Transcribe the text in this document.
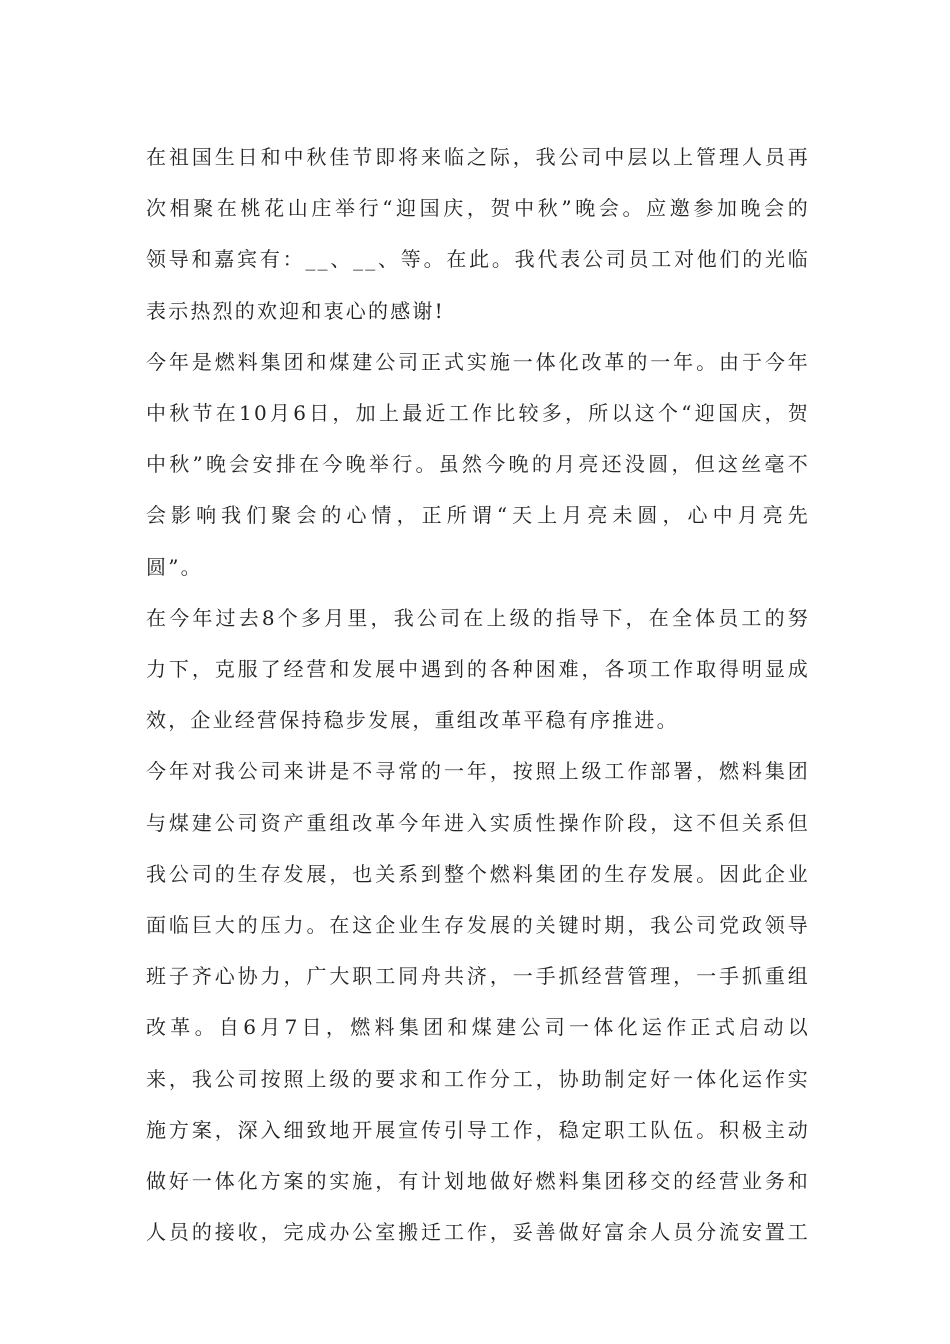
在祖国生日和中秋佳节即将来临之际，我公司中层以上管理人员再
次相聚在桃花山庄举行“迎国庆，贺中秋”晚会。应邀参加晚会的
领导和嘉宾有：__、__、等。在此。我代表公司员工对他们的光临
表示热烈的欢迎和衷心的感谢!
今年是燃料集团和煤建公司正式实施一体化改革的一年。由于今年
中秋节在10月6日，加上最近工作比较多，所以这个“迎国庆，贺
中秋”晚会安排在今晚举行。虽然今晚的月亮还没圆，但这丝毫不
会影响我们聚会的心情，正所谓“天上月亮未圆，心中月亮先
圆”。
在今年过去8个多月里，我公司在上级的指导下，在全体员工的努
力下，克服了经营和发展中遇到的各种困难，各项工作取得明显成
效，企业经营保持稳步发展，重组改革平稳有序推进。
今年对我公司来讲是不寻常的一年，按照上级工作部署，燃料集团
与煤建公司资产重组改革今年进入实质性操作阶段，这不但关系但
我公司的生存发展，也关系到整个燃料集团的生存发展。因此企业
面临巨大的压力。在这企业生存发展的关键时期，我公司党政领导
班子齐心协力，广大职工同舟共济，一手抓经营管理，一手抓重组
改革。自6月7日，燃料集团和煤建公司一体化运作正式启动以
来，我公司按照上级的要求和工作分工，协助制定好一体化运作实
施方案，深入细致地开展宣传引导工作，稳定职工队伍。积极主动
做好一体化方案的实施，有计划地做好燃料集团移交的经营业务和
人员的接收，完成办公室搬迁工作，妥善做好富余人员分流安置工
